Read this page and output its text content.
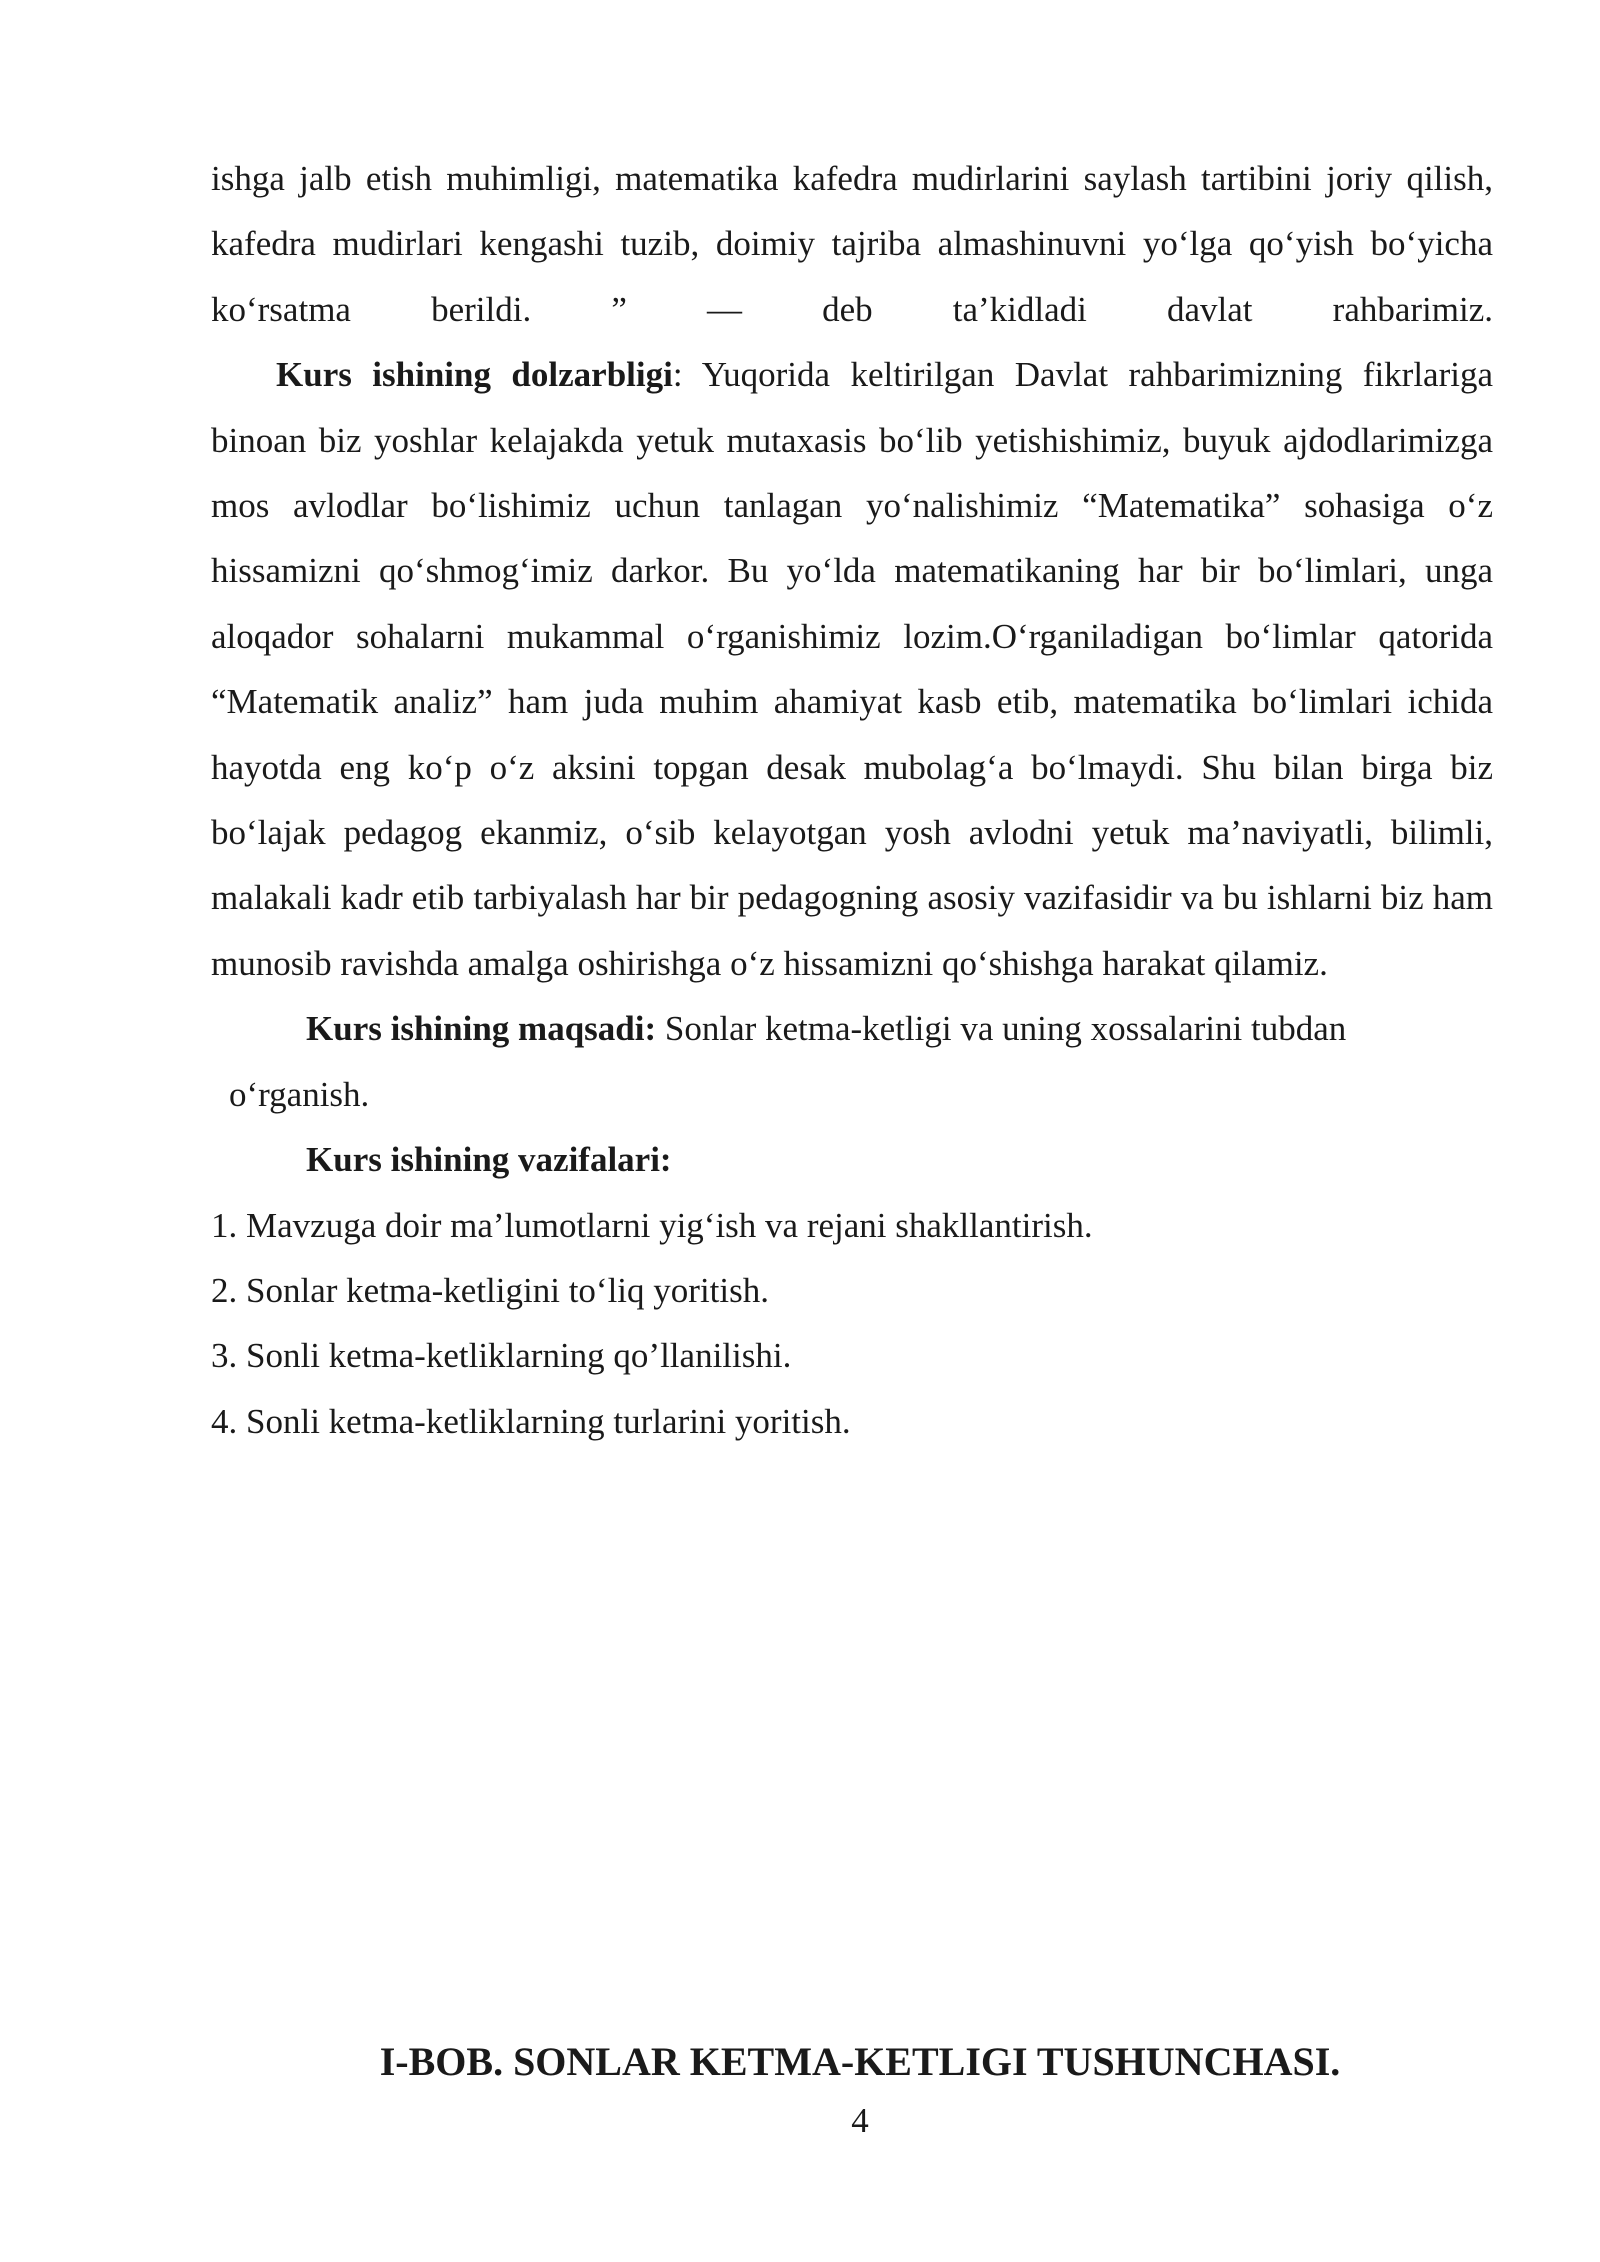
ishga jalb etish muhimligi, matematika kafedra mudirlarini saylash tartibini joriy qilish, kafedra mudirlari kengashi tuzib, doimiy tajriba almashinuvni yo‘lga qo‘yish bo‘yicha ko‘rsatma berildi. ” — deb ta’kidladi davlat rahbarimiz.

Kurs ishining dolzarbligi: Yuqorida keltirilgan Davlat rahbarimizning fikrlariga binoan biz yoshlar kelajakda yetuk mutaxasis bo‘lib yetishishimiz, buyuk ajdodlarimizga mos avlodlar bo‘lishimiz uchun tanlagan yo‘nalishimiz “Matematika” sohasiga o‘z hissamizni qo‘shmog‘imiz darkor. Bu yo‘lda matematikaning har bir bo‘limlari, unga aloqador sohalarni mukammal o‘rganishimiz lozim.O‘rganiladigan bo‘limlar qatorida “Matematik analiz” ham juda muhim ahamiyat kasb etib, matematika bo‘limlari ichida hayotda eng ko‘p o‘z aksini topgan desak mubolag‘a bo‘lmaydi. Shu bilan birga biz bo‘lajak pedagog ekanmiz, o‘sib kelayotgan yosh avlodni yetuk ma’naviyatli, bilimli, malakali kadr etib tarbiyalash har bir pedagogning asosiy vazifasidir va bu ishlarni biz ham munosib ravishda amalga oshirishga o‘z hissamizni qo‘shishga harakat qilamiz.

Kurs ishining maqsadi: Sonlar ketma-ketligi va uning xossalarini tubdan

o‘rganish.

Kurs ishining vazifalari:

1. Mavzuga doir ma’lumotlarni yig‘ish va rejani shakllantirish.

2. Sonlar ketma-ketligini to‘liq yoritish.

3. Sonli ketma-ketliklarning qo’llanilishi.

4. Sonli ketma-ketliklarning turlarini yoritish.

I-BOB. SONLAR KETMA-KETLIGI TUSHUNCHASI.
4
